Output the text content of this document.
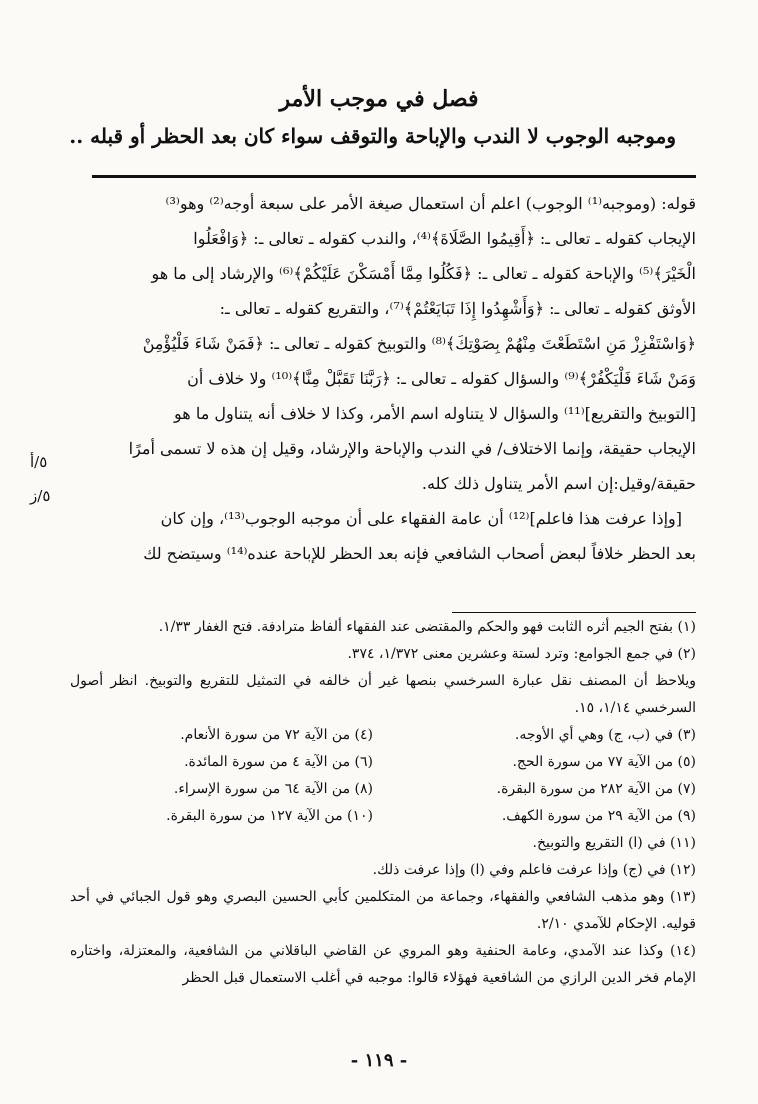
فصل في موجب الأمر
وموجبه الوجوب لا الندب والإباحة والتوقف سواء كان بعد الحظر أو قبله ..

قوله: (وموجبه⁽¹⁾ الوجوب) اعلم أن استعمال صيغة الأمر على سبعة أوجه⁽²⁾ وهو⁽³⁾

الإيجاب كقوله ـ تعالى ـ: ﴿أَقِيمُوا الصَّلَاةَ﴾⁽⁴⁾، والندب كقوله ـ تعالى ـ: ﴿وَافْعَلُوا

الْخَيْرَ﴾⁽⁵⁾ والإباحة كقوله ـ تعالى ـ: ﴿فَكُلُوا مِمَّا أَمْسَكْنَ عَلَيْكُمْ﴾⁽⁶⁾ والإرشاد إلى ما هو

الأوثق كقوله ـ تعالى ـ: ﴿وَأَشْهِدُوا إِذَا تَبَايَعْتُمْ﴾⁽⁷⁾، والتقريع كقوله ـ تعالى ـ:

﴿وَاسْتَفْزِزْ مَنِ اسْتَطَعْتَ مِنْهُمْ بِصَوْتِكَ﴾⁽⁸⁾ والتوبيخ كقوله ـ تعالى ـ: ﴿فَمَنْ شَاءَ فَلْيُؤْمِنْ

وَمَنْ شَاءَ فَلْيَكْفُرْ﴾⁽⁹⁾ والسؤال كقوله ـ تعالى ـ: ﴿رَبَّنَا تَقَبَّلْ مِنَّا﴾⁽¹⁰⁾ ولا خلاف أن

[التوبيخ والتقريع]⁽¹¹⁾ والسؤال لا يتناوله اسم الأمر، وكذا لا خلاف أنه يتناول ما هو

الإيجاب حقيقة، وإنما الاختلاف/ في الندب والإباحة والإرشاد، وقيل إن هذه لا تسمى أمرًا

حقيقة/وقيل:إن اسم الأمر يتناول ذلك كله.

[وإذا عرفت هذا فاعلم]⁽¹²⁾ أن عامة الفقهاء على أن موجبه الوجوب⁽¹³⁾، وإن كان

بعد الحظر خلافاً لبعض أصحاب الشافعي فإنه بعد الحظر للإباحة عنده⁽¹⁴⁾ وسيتضح لك

٥/أ
٥/ز

(١) بفتح الجيم أثره الثابت فهو والحكم والمقتضى عند الفقهاء ألفاظ مترادفة. فتح الغفار ١/٣٣.

(٢) في جمع الجوامع: وترد لستة وعشرين معنى ١/٣٧٢، ٣٧٤.

ويلاحظ أن المصنف نقل عبارة السرخسي بنصها غير أن خالفه في التمثيل للتقريع والتوبيخ. انظر أصول السرخسي ١/١٤، ١٥.

(٣) في (ب، ج) وهي أي الأوجه.

(٤) من الآية ٧٢ من سورة الأنعام.

(٥) من الآية ٧٧ من سورة الحج.

(٦) من الآية ٤ من سورة المائدة.

(٧) من الآية ٢٨٢ من سورة البقرة.

(٨) من الآية ٦٤ من سورة الإسراء.

(٩) من الآية ٢٩ من سورة الكهف.

(١٠) من الآية ١٢٧ من سورة البقرة.

(١١) في (ا) التقريع والتوبيخ.

(١٢) في (ج) وإذا عرفت فاعلم وفي (ا) وإذا عرفت ذلك.

(١٣) وهو مذهب الشافعي والفقهاء، وجماعة من المتكلمين كأبي الحسين البصري وهو قول الجبائي في أحد قوليه. الإحكام للآمدي ٢/١٠.

(١٤) وكذا عند الآمدي، وعامة الحنفية وهو المروي عن القاضي الباقلاني من الشافعية، والمعتزلة، واختاره الإمام فخر الدين الرازي من الشافعية فهؤلاء قالوا: موجبه في أغلب الاستعمال قبل الحظر

- ١١٩ -
